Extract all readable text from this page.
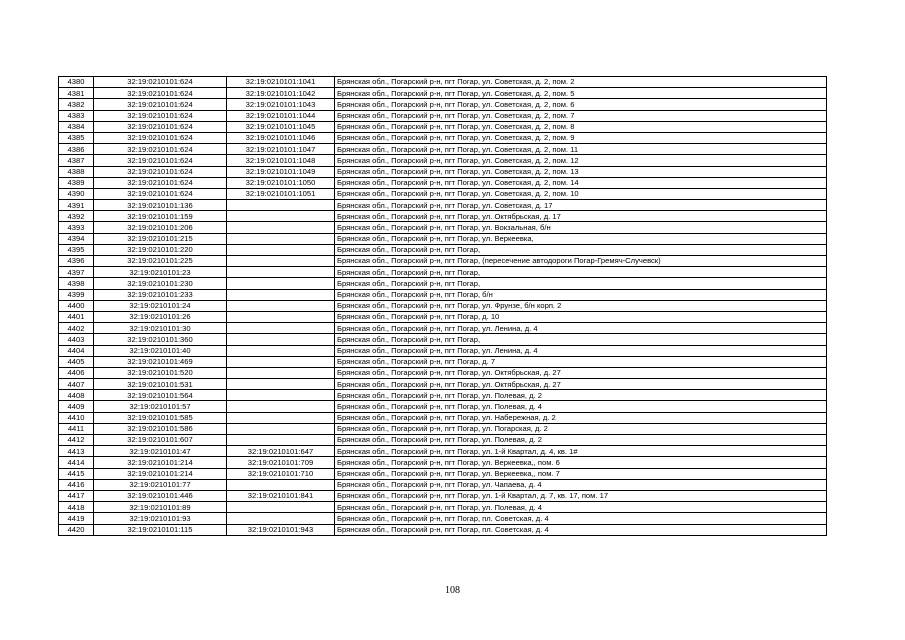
4380	32:19:0210101:624	32:19:0210101:1041	Брянская обл., Погарский р-н, пгт Погар, ул. Советская, д. 2, пом. 2
4381	32:19:0210101:624	32:19:0210101:1042	Брянская обл., Погарский р-н, пгт Погар, ул. Советская, д. 2, пом. 5
4382	32:19:0210101:624	32:19:0210101:1043	Брянская обл., Погарский р-н, пгт Погар, ул. Советская, д. 2, пом. 6
4383	32:19:0210101:624	32:19:0210101:1044	Брянская обл., Погарский р-н, пгт Погар, ул. Советская, д. 2, пом. 7
4384	32:19:0210101:624	32:19:0210101:1045	Брянская обл., Погарский р-н, пгт Погар, ул. Советская, д. 2, пом. 8
4385	32:19:0210101:624	32:19:0210101:1046	Брянская обл., Погарский р-н, пгт Погар, ул. Советская, д. 2, пом. 9
4386	32:19:0210101:624	32:19:0210101:1047	Брянская обл., Погарский р-н, пгт Погар, ул. Советская, д. 2, пом. 11
4387	32:19:0210101:624	32:19:0210101:1048	Брянская обл., Погарский р-н, пгт Погар, ул. Советская, д. 2, пом. 12
4388	32:19:0210101:624	32:19:0210101:1049	Брянская обл., Погарский р-н, пгт Погар, ул. Советская, д. 2, пом. 13
4389	32:19:0210101:624	32:19:0210101:1050	Брянская обл., Погарский р-н, пгт Погар, ул. Советская, д. 2, пом. 14
4390	32:19:0210101:624	32:19:0210101:1051	Брянская обл., Погарский р-н, пгт Погар, ул. Советская, д. 2, пом. 10
4391	32:19:0210101:136		Брянская обл., Погарский р-н, пгт Погар, ул. Советская, д. 17
4392	32:19:0210101:159		Брянская обл., Погарский р-н, пгт Погар, ул. Октябрьская, д. 17
4393	32:19:0210101:206		Брянская обл., Погарский р-н, пгт Погар, ул. Вокзальная, б/н
4394	32:19:0210101:215		Брянская обл., Погарский р-н, пгт Погар, ул. Веркеевка,
4395	32:19:0210101:220		Брянская обл., Погарский р-н, пгт Погар,
4396	32:19:0210101:225		Брянская обл., Погарский р-н, пгт Погар, (пересечение автодороги Погар-Гремяч-Случевск)
4397	32:19:0210101:23		Брянская обл., Погарский р-н, пгт Погар,
4398	32:19:0210101:230		Брянская обл., Погарский р-н, пгт Погар,
4399	32:19:0210101:233		Брянская обл., Погарский р-н, пгт Погар, б/н
4400	32:19:0210101:24		Брянская обл., Погарский р-н, пгт Погар, ул. Фрунзе, б/н корп. 2
4401	32:19:0210101:26		Брянская обл., Погарский р-н, пгт Погар, д. 10
4402	32:19:0210101:30		Брянская обл., Погарский р-н, пгт Погар, ул. Ленина, д. 4
4403	32:19:0210101:360		Брянская обл., Погарский р-н, пгт Погар,
4404	32:19:0210101:40		Брянская обл., Погарский р-н, пгт Погар, ул. Ленина, д. 4
4405	32:19:0210101:469		Брянская обл., Погарский р-н, пгт Погар, д. 7
4406	32:19:0210101:520		Брянская обл., Погарский р-н, пгт Погар, ул. Октябрьская, д. 27
4407	32:19:0210101:531		Брянская обл., Погарский р-н, пгт Погар, ул. Октябрьская, д. 27
4408	32:19:0210101:564		Брянская обл., Погарский р-н, пгт Погар, ул. Полевая, д. 2
4409	32:19:0210101:57		Брянская обл., Погарский р-н, пгт Погар, ул. Полевая, д. 4
4410	32:19:0210101:585		Брянская обл., Погарский р-н, пгт Погар, ул. Набережная, д. 2
4411	32:19:0210101:586		Брянская обл., Погарский р-н, пгт Погар, ул. Погарская, д. 2
4412	32:19:0210101:607		Брянская обл., Погарский р-н, пгт Погар, ул. Полевая, д. 2
4413	32:19:0210101:47	32:19:0210101:647	Брянская обл., Погарский р-н, пгт Погар, ул. 1-й Квартал, д. 4, кв. 1#
4414	32:19:0210101:214	32:19:0210101:709	Брянская обл., Погарский р-н, пгт Погар, ул. Веркеевка,, пом. 6
4415	32:19:0210101:214	32:19:0210101:710	Брянская обл., Погарский р-н, пгт Погар, ул. Веркеевка,, пом. 7
4416	32:19:0210101:77		Брянская обл., Погарский р-н, пгт Погар, ул. Чапаева, д. 4
4417	32:19:0210101:446	32:19:0210101:841	Брянская обл., Погарский р-н, пгт Погар, ул. 1-й Квартал, д. 7, кв. 17, пом. 17
4418	32:19:0210101:89		Брянская обл., Погарский р-н, пгт Погар, ул. Полевая, д. 4
4419	32:19:0210101:93		Брянская обл., Погарский р-н, пгт Погар, пл. Советская, д. 4
4420	32:19:0210101:115	32:19:0210101:943	Брянская обл., Погарский р-н, пгт Погар, пл. Советская, д. 4
108
